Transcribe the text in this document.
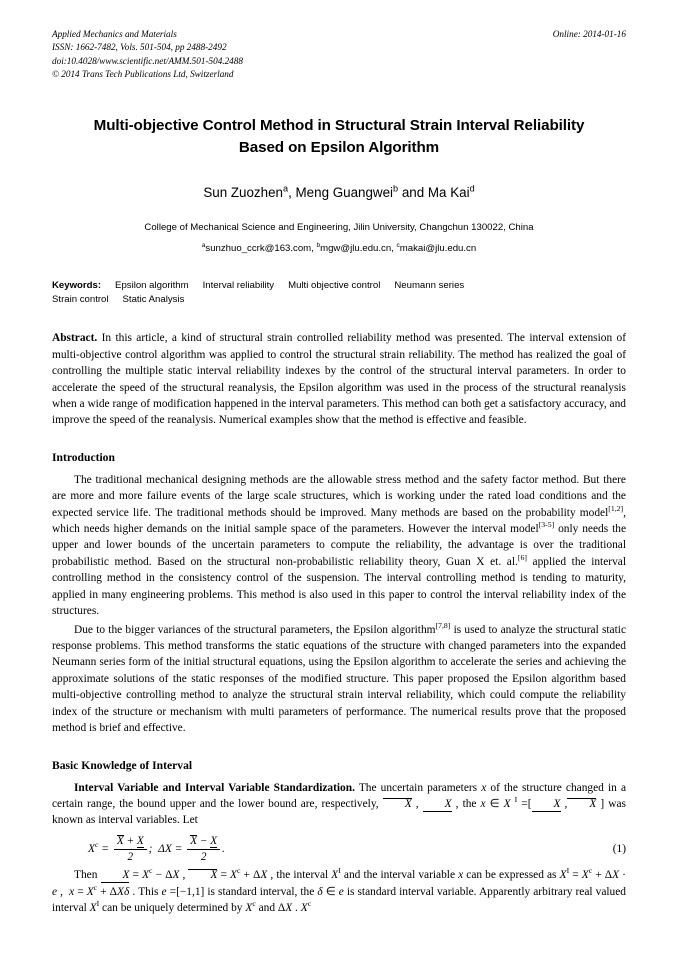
Applied Mechanics and Materials
ISSN: 1662-7482, Vols. 501-504, pp 2488-2492
doi:10.4028/www.scientific.net/AMM.501-504.2488
© 2014 Trans Tech Publications Ltd, Switzerland
Online: 2014-01-16
Multi-objective Control Method in Structural Strain Interval Reliability
Based on Epsilon Algorithm
Sun Zuozhen$^a$, Meng Guangwei$^b$ and Ma Kai$^d$
College of Mechanical Science and Engineering, Jilin University, Changchun 130022, China
$^a$sunzhuo_ccrk@163.com, $^b$mgw@jlu.edu.cn, $^c$makai@jlu.edu.cn
Keywords: Epsilon algorithm Interval reliability Multi objective control Neumann series
Strain control Static Analysis
Abstract. In this article, a kind of structural strain controlled reliability method was presented. The interval extension of multi-objective control algorithm was applied to control the structural strain reliability. The method has realized the goal of controlling the multiple static interval reliability indexes by the control of the structural interval parameters. In order to accelerate the speed of the structural reanalysis, the Epsilon algorithm was used in the process of the structural reanalysis when a wide range of modification happened in the interval parameters. This method can both get a satisfactory accuracy, and improve the speed of the reanalysis. Numerical examples show that the method is effective and feasible.
Introduction

The traditional mechanical designing methods are the allowable stress method and the safety factor method. But there are more and more failure events of the large scale structures, which is working under the rated load conditions and the expected service life. The traditional methods should be improved. Many methods are based on the probability model[1,2], which needs higher demands on the initial sample space of the parameters. However the interval model[3-5] only needs the upper and lower bounds of the uncertain parameters to compute the reliability, the advantage is over the traditional probabilistic method. Based on the structural non-probabilistic reliability theory, Guan X et. al.[6] applied the interval controlling method in the consistency control of the suspension. The interval controlling method is tending to maturity, applied in many engineering problems. This method is also used in this paper to control the interval reliability index of the structures.

Due to the bigger variances of the structural parameters, the Epsilon algorithm[7,8] is used to analyze the structural static response problems. This method transforms the static equations of the structure with changed parameters into the expanded Neumann series form of the initial structural equations, using the Epsilon algorithm to accelerate the series and achieving the approximate solutions of the static responses of the modified structure. This paper proposed the Epsilon algorithm based multi-objective controlling method to analyze the structural strain interval reliability, which could compute the reliability index of the structure or mechanism with multi parameters of performance. The numerical results prove that the proposed method is brief and effective.

Basic Knowledge of Interval

Interval Variable and Interval Variable Standardization. The uncertain parameters x of the structure changed in a certain range, the bound upper and the lower bound are, respectively, X , X , the x ∈ X $^I$ =[ X , X ] was known as interval variables. Let

$X^c = \frac{X + X}{2}$ ;  $\Delta X = \frac{X - X}{2}$ .	(1)

Then $X = X^c - \Delta X$ , $X = X^c + \Delta X$ , the interval $X^I$ and the interval variable x can be expressed as $X^I = X^c + \Delta X \cdot e$ ,  $x = X^c + \Delta X\delta$ . This e =[−1,1] is standard interval, the δ ∈ e is standard interval variable. Apparently arbitrary real valued interval $X^I$ can be uniquely determined by $X^c$ and ΔX . $X^c$
